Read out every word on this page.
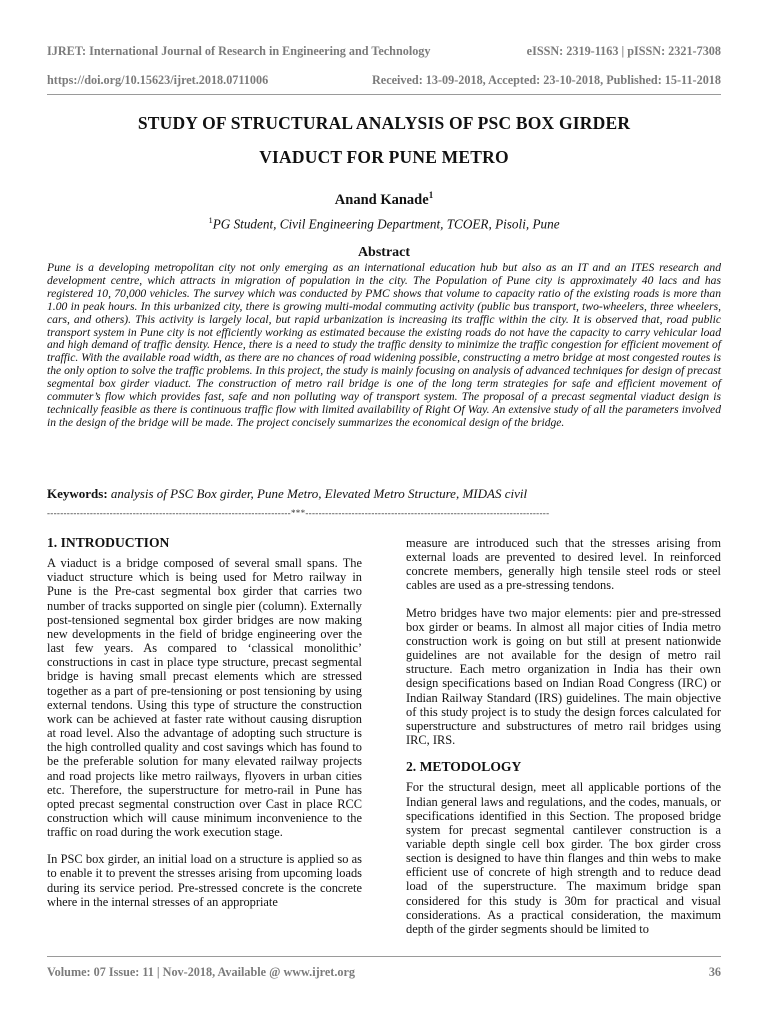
IJRET: International Journal of Research in Engineering and Technology	eISSN: 2319-1163 | pISSN: 2321-7308
https://doi.org/10.15623/ijret.2018.0711006	Received: 13-09-2018, Accepted: 23-10-2018, Published: 15-11-2018
STUDY OF STRUCTURAL ANALYSIS OF PSC BOX GIRDER
VIADUCT FOR PUNE METRO
Anand Kanade$^1$
$^1$PG Student, Civil Engineering Department, TCOER, Pisoli, Pune
Abstract
Pune is a developing metropolitan city not only emerging as an international education hub but also as an IT and an ITES research and development centre, which attracts in migration of population in the city. The Population of Pune city is approximately 40 lacs and has registered 10, 70,000 vehicles. The survey which was conducted by PMC shows that volume to capacity ratio of the existing roads is more than 1.00 in peak hours. In this urbanized city, there is growing multi-modal commuting activity (public bus transport, two-wheelers, three wheelers, cars, and others). This activity is largely local, but rapid urbanization is increasing its traffic within the city. It is observed that, road public transport system in Pune city is not efficiently working as estimated because the existing roads do not have the capacity to carry vehicular load and high demand of traffic density. Hence, there is a need to study the traffic density to minimize the traffic congestion for efficient movement of traffic. With the available road width, as there are no chances of road widening possible, constructing a metro bridge at most congested routes is the only option to solve the traffic problems. In this project, the study is mainly focusing on analysis of advanced techniques for design of precast segmental box girder viaduct. The construction of metro rail bridge is one of the long term strategies for safe and efficient movement of commuter’s flow which provides fast, safe and non polluting way of transport system. The proposal of a precast segmental viaduct design is technically feasible as there is continuous traffic flow with limited availability of Right Of Way. An extensive study of all the parameters involved in the design of the bridge will be made. The project concisely summarizes the economical design of the bridge.
Keywords: analysis of PSC Box girder, Pune Metro, Elevated Metro Structure, MIDAS civil
--------------------------------------------------------------------------***--------------------------------------------------------------------------
1. INTRODUCTION

A viaduct is a bridge composed of several small spans. The viaduct structure which is being used for Metro railway in Pune is the Pre-cast segmental box girder that carries two number of tracks supported on single pier (column). Externally post-tensioned segmental box girder bridges are now making new developments in the field of bridge engineering over the last few years. As compared to ‘classical monolithic’ constructions in cast in place type structure, precast segmental bridge is having small precast elements which are stressed together as a part of pre-tensioning or post tensioning by using external tendons. Using this type of structure the construction work can be achieved at faster rate without causing disruption at road level. Also the advantage of adopting such structure is the high controlled quality and cost savings which has found to be the preferable solution for many elevated railway projects and road projects like metro railways, flyovers in urban cities etc. Therefore, the superstructure for metro-rail in Pune has opted precast segmental construction over Cast in place RCC construction which will cause minimum inconvenience to the traffic on road during the work execution stage.

In PSC box girder, an initial load on a structure is applied so as to enable it to prevent the stresses arising from upcoming loads during its service period. Pre-stressed concrete is the concrete where in the internal stresses of an appropriate

measure are introduced such that the stresses arising from external loads are prevented to desired level. In reinforced concrete members, generally high tensile steel rods or steel cables are used as a pre-stressing tendons.

Metro bridges have two major elements: pier and pre-stressed box girder or beams. In almost all major cities of India metro construction work is going on but still at present nationwide guidelines are not available for the design of metro rail structure. Each metro organization in India has their own design specifications based on Indian Road Congress (IRC) or Indian Railway Standard (IRS) guidelines. The main objective of this study project is to study the design forces calculated for superstructure and substructures of metro rail bridges using IRC, IRS.

2. METODOLOGY

For the structural design, meet all applicable portions of the Indian general laws and regulations, and the codes, manuals, or specifications identified in this Section. The proposed bridge system for precast segmental cantilever construction is a variable depth single cell box girder. The box girder cross section is designed to have thin flanges and thin webs to make efficient use of concrete of high strength and to reduce dead load of the superstructure. The maximum bridge span considered for this study is 30m for practical and visual considerations. As a practical consideration, the maximum depth of the girder segments should be limited to

Volume: 07 Issue: 11 | Nov-2018, Available @ www.ijret.org	36
